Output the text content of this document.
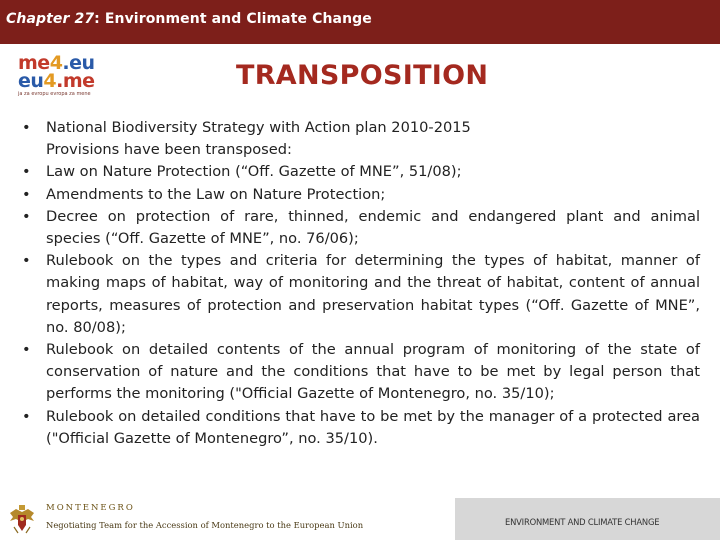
Chapter 27: Environment and Climate Change
me4.eu
eu4.me
ja za evropu evropa za mene
TRANSPOSITION
• National Biodiversity Strategy with Action plan 2010-2015
Provisions have been transposed:
• Law on Nature Protection (“Off. Gazette of MNE”, 51/08);
• Amendments to the Law on Nature Protection;
• Decree on protection of rare, thinned, endemic and endangered plant and animal species (“Off. Gazette of MNE”, no. 76/06);
• Rulebook on the types and criteria for determining the types of habitat, manner of making maps of habitat, way of monitoring and the threat of habitat, content of annual reports, measures of protection and preservation habitat types (“Off. Gazette of MNE”, no. 80/08);
• Rulebook on detailed contents of the annual program of monitoring of the state of conservation of nature and the conditions that have to be met by legal person that performs the monitoring ("Official Gazette of Montenegro, no. 35/10);
• Rulebook on detailed conditions that have to be met by the manager of a protected area ("Official Gazette of Montenegro”, no. 35/10).
MONTENEGRO
Negotiating Team for the Accession of Montenegro to the European Union	ENVIRONMENT AND CLIMATE CHANGE
